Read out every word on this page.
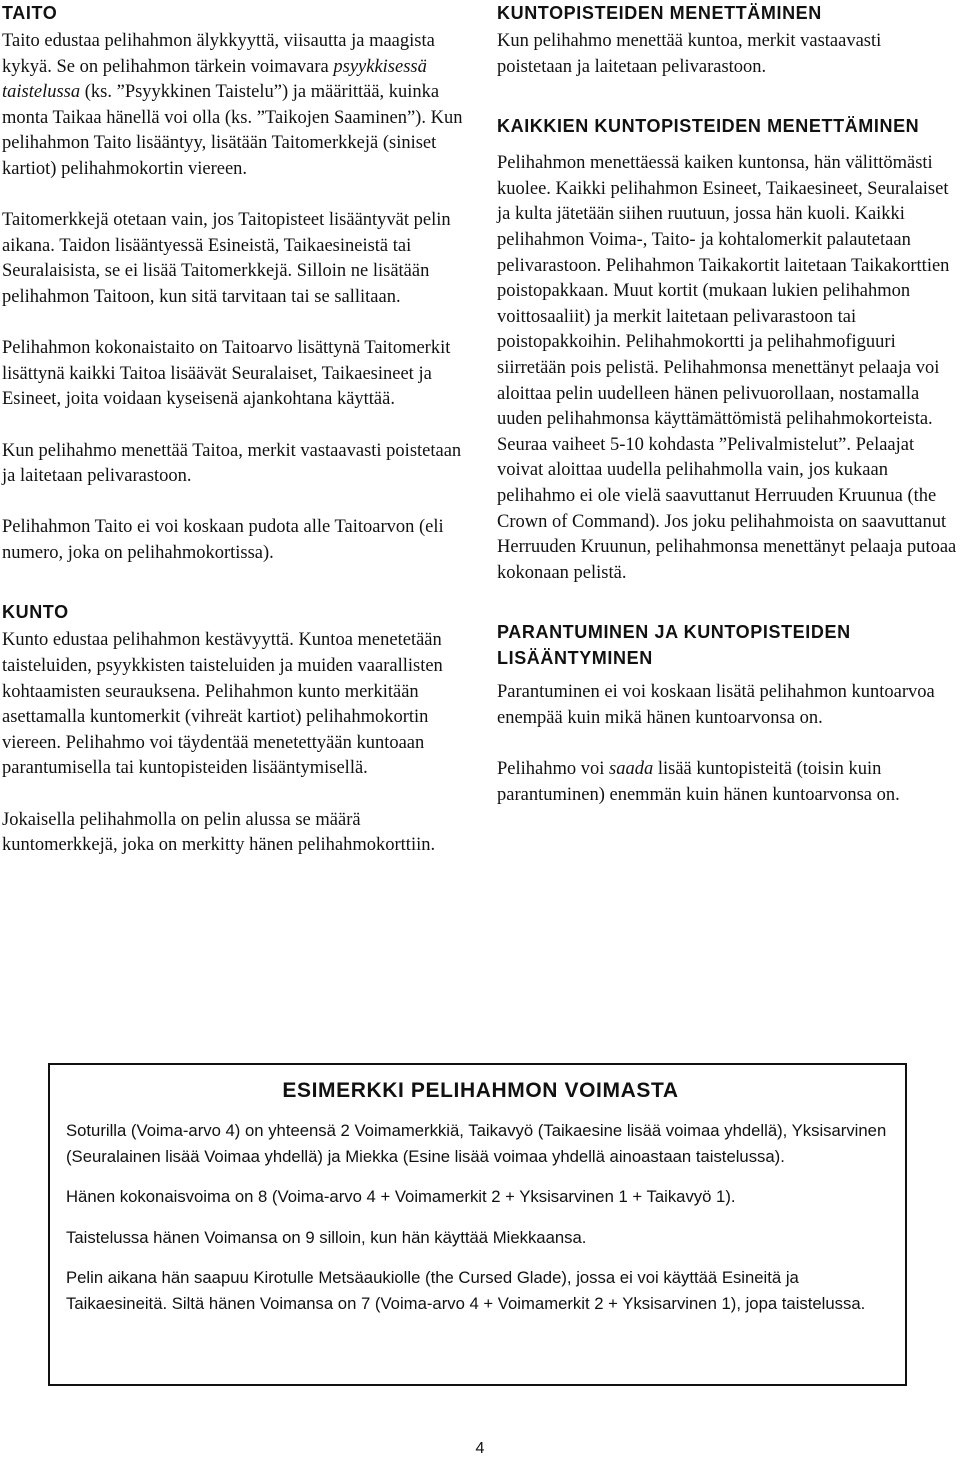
TAITO

Taito edustaa pelihahmon älykkyyttä, viisautta ja maagista kykyä. Se on pelihahmon tärkein voimavara psyykkisessä taistelussa (ks. ”Psyykkinen Taistelu”) ja määrittää, kuinka monta Taikaa hänellä voi olla (ks. ”Taikojen Saaminen”). Kun pelihahmon Taito lisääntyy, lisätään Taitomerkkejä (siniset kartiot) pelihahmokortin viereen.

Taitomerkkejä otetaan vain, jos Taitopisteet lisääntyvät pelin aikana. Taidon lisääntyessä Esineistä, Taikaesineistä tai Seuralaisista, se ei lisää Taitomerkkejä. Silloin ne lisätään pelihahmon Taitoon, kun sitä tarvitaan tai se sallitaan.

Pelihahmon kokonaistaito on Taitoarvo lisättynä Taitomerkit lisättynä kaikki Taitoa lisäävät Seuralaiset, Taikaesineet ja Esineet, joita voidaan kyseisenä ajankohtana käyttää.

Kun pelihahmo menettää Taitoa, merkit vastaavasti poistetaan ja laitetaan pelivarastoon.

Pelihahmon Taito ei voi koskaan pudota alle Taitoarvon (eli numero, joka on pelihahmokortissa).

KUNTO

Kunto edustaa pelihahmon kestävyyttä. Kuntoa menetetään taisteluiden, psyykkisten taisteluiden ja muiden vaarallisten kohtaamisten seurauksena. Pelihahmon kunto merkitään asettamalla kuntomerkit (vihreät kartiot) pelihahmokortin viereen. Pelihahmo voi täydentää menetettyään kuntoaan parantumisella tai kuntopisteiden lisääntymisellä.

Jokaisella pelihahmolla on pelin alussa se määrä kuntomerkkejä, joka on merkitty hänen pelihahmokorttiin.

KUNTOPISTEIDEN MENETTÄMINEN

Kun pelihahmo menettää kuntoa, merkit vastaavasti poistetaan ja laitetaan pelivarastoon.

KAIKKIEN KUNTOPISTEIDEN MENETTÄMINEN

Pelihahmon menettäessä kaiken kuntonsa, hän välittömästi kuolee. Kaikki pelihahmon Esineet, Taikaesineet, Seuralaiset ja kulta jätetään siihen ruutuun, jossa hän kuoli. Kaikki pelihahmon Voima-, Taito- ja kohtalomerkit palautetaan pelivarastoon. Pelihahmon Taikakortit laitetaan Taikakorttien poistopakkaan. Muut kortit (mukaan lukien pelihahmon voittosaaliit) ja merkit laitetaan pelivarastoon tai poistopakkoihin. Pelihahmokortti ja pelihahmofiguuri siirretään pois pelistä. Pelihahmonsa menettänyt pelaaja voi aloittaa pelin uudelleen hänen pelivuorollaan, nostamalla uuden pelihahmonsa käyttämättömistä pelihahmokorteista. Seuraa vaiheet 5-10 kohdasta ”Pelivalmistelut”. Pelaajat voivat aloittaa uudella pelihahmolla vain, jos kukaan pelihahmo ei ole vielä saavuttanut Herruuden Kruunua (the Crown of Command). Jos joku pelihahmoista on saavuttanut Herruuden Kruunun, pelihahmonsa menettänyt pelaaja putoaa kokonaan pelistä.

PARANTUMINEN JA KUNTOPISTEIDEN LISÄÄNTYMINEN

Parantuminen ei voi koskaan lisätä pelihahmon kuntoarvoa enempää kuin mikä hänen kuntoarvonsa on.

Pelihahmo voi saada lisää kuntopisteitä (toisin kuin parantuminen) enemmän kuin hänen kuntoarvonsa on.

ESIMERKKI PELIHAHMON VOIMASTA

Soturilla (Voima-arvo 4) on yhteensä 2 Voimamerkkiä, Taikavyö (Taikaesine lisää voimaa yhdellä), Yksisarvinen (Seuralainen lisää Voimaa yhdellä) ja Miekka (Esine lisää voimaa yhdellä ainoastaan taistelussa).

Hänen kokonaisvoima on 8 (Voima-arvo 4 + Voimamerkit 2 + Yksisarvinen 1 + Taikavyö 1).

Taistelussa hänen Voimansa on 9 silloin, kun hän käyttää Miekkaansa.

Pelin aikana hän saapuu Kirotulle Metsäaukiolle (the Cursed Glade), jossa ei voi käyttää Esineitä ja Taikaesineitä. Siltä hänen Voimansa on 7 (Voima-arvo 4 + Voimamerkit 2 + Yksisarvinen 1), jopa taistelussa.

4
